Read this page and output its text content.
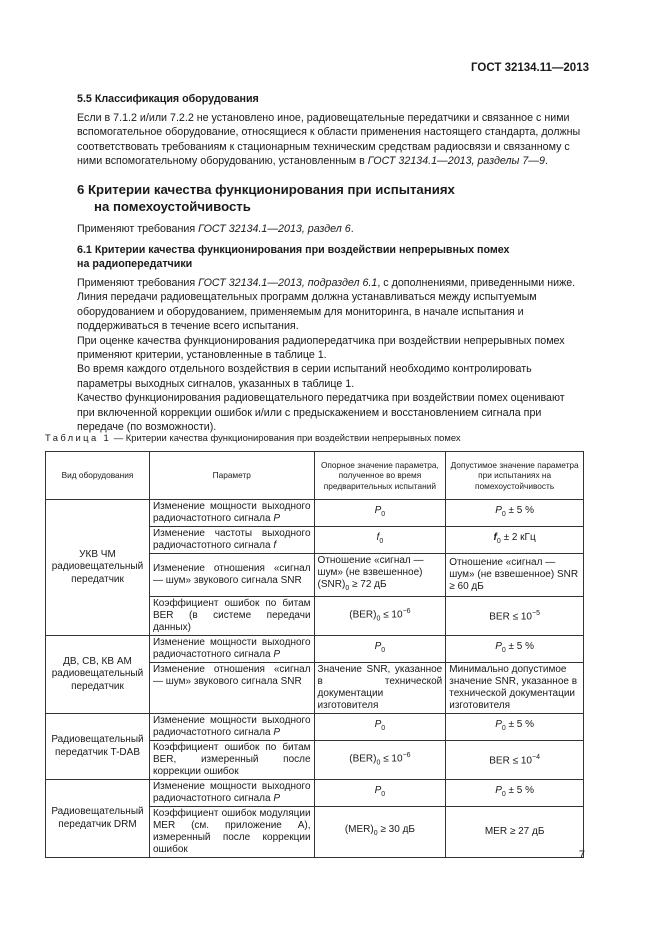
ГОСТ 32134.11—2013
5.5 Классификация оборудования

Если в 7.1.2 и/или 7.2.2 не установлено иное, радиовещательные передатчики и связанное с ними вспомогательное оборудование, относящиеся к области применения настоящего стандарта, должны соответствовать требованиям к стационарным техническим средствам радиосвязи и связанному с ними вспомогательному оборудованию, установленным в ГОСТ 32134.1—2013, разделы 7—9.

6 Критерии качества функционирования при испытаниях
на помехоустойчивость

Применяют требования ГОСТ 32134.1—2013, раздел 6.

6.1 Критерии качества функционирования при воздействии непрерывных помех
на радиопередатчики

Применяют требования ГОСТ 32134.1—2013, подраздел 6.1, с дополнениями, приведенными ниже.

Линия передачи радиовещательных программ должна устанавливаться между испытуемым оборудованием и оборудованием, применяемым для мониторинга, в начале испытания и поддерживаться в течение всего испытания.

При оценке качества функционирования радиопередатчика при воздействии непрерывных помех применяют критерии, установленные в таблице 1.

Во время каждого отдельного воздействия в серии испытаний необходимо контролировать параметры выходных сигналов, указанных в таблице 1.

Качество функционирования радиовещательного передатчика при воздействии помех оценивают при включенной коррекции ошибок и/или с предыскажением и восстановлением сигнала при передаче (по возможности).

Таблица 1 — Критерии качества функционирования при воздействии непрерывных помех
Вид оборудования	Параметр	Опорное значение параметра, полученное во время предварительных испытаний	Допустимое значение параметра при испытаниях на помехоустойчивость
УКВ ЧМ радиовещательный передатчик	Изменение мощности выходного радиочастотного сигнала P	$P_0$	$P_0 \pm 5$ %
	Изменение частоты выходного радиочастотного сигнала f	$f_0$	$f_0 \pm 2$ кГц
	Изменение отношения «сигнал — шум» звукового сигнала SNR	Отношение «сигнал — шум» (не взвешенное) $(SNR)_0 \ge 72$ дБ	Отношение «сигнал — шум» (не взвешенное) SNR ≥ 60 дБ
	Коэффициент ошибок по битам BER (в системе передачи данных)	$(BER)_0 \le 10^{-6}$	BER ≤ $10^{-5}$
ДВ, СВ, КВ АМ радиовещательный передатчик	Изменение мощности выходного радиочастотного сигнала P	$P_0$	$P_0 \pm 5$ %
	Изменение отношения «сигнал — шум» звукового сигнала SNR	Значение SNR, указанное в технической документации изготовителя	Минимально допустимое значение SNR, указанное в технической документации изготовителя
Радиовещательный передатчик T-DAB	Изменение мощности выходного радиочастотного сигнала P	$P_0$	$P_0 \pm 5$ %
	Коэффициент ошибок по битам BER, измеренный после коррекции ошибок	$(BER)_0 \le 10^{-6}$	BER ≤ $10^{-4}$
Радиовещательный передатчик DRM	Изменение мощности выходного радиочастотного сигнала P	$P_0$	$P_0 \pm 5$ %
	Коэффициент ошибок модуляции MER (см. приложение А), измеренный после коррекции ошибок	$(MER)_0 \ge 30$ дБ	MER ≥ 27 дБ
7
